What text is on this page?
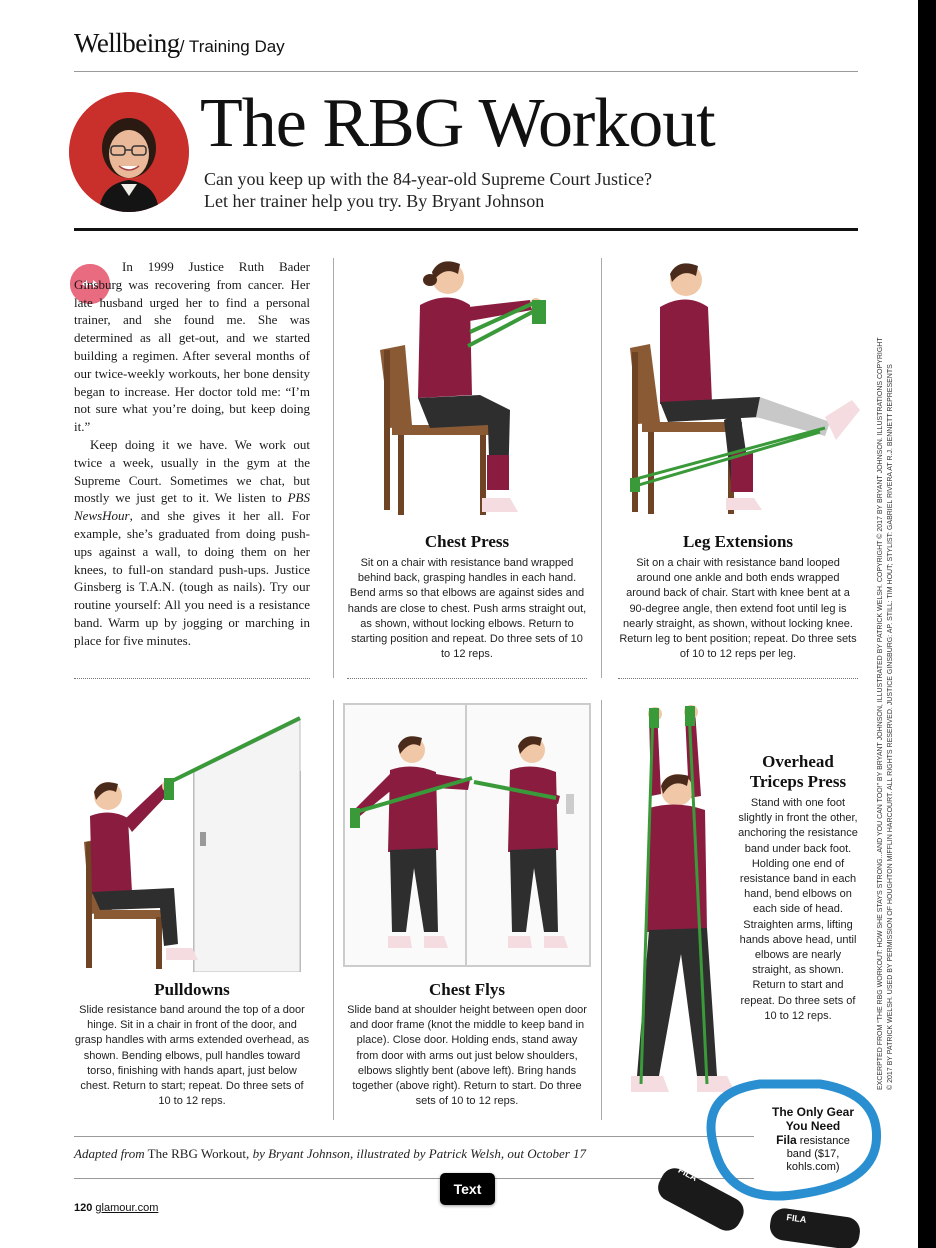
Wellbeing/ Training Day
The RBG Workout
Can you keep up with the 84-year-old Supreme Court Justice?
Let her trainer help you try. By Bryant Johnson

In 1999 Justice Ruth Bader Ginsburg was recovering from cancer. Her late husband urged her to find a personal trainer, and she found me. She was determined as all get-out, and we started building a regimen. After several months of our twice-weekly workouts, her bone density began to increase. Her doctor told me: “I’m not sure what you’re doing, but keep doing it.”

Keep doing it we have. We work out twice a week, usually in the gym at the Supreme Court. Sometimes we chat, but mostly we just get to it. We listen to PBS NewsHour, and she gives it her all. For example, she’s graduated from doing push-ups against a wall, to doing them on her knees, to full-on standard push-ups. Justice Ginsberg is T.A.N. (tough as nails). Try our routine yourself: All you need is a resistance band. Warm up by jogging or marching in place for five minutes.

Chest Press
Sit on a chair with resistance band wrapped behind back, grasping handles in each hand. Bend arms so that elbows are against sides and hands are close to chest. Push arms straight out, as shown, without locking elbows. Return to starting position and repeat. Do three sets of 10 to 12 reps.
Leg Extensions
Sit on a chair with resistance band looped around one ankle and both ends wrapped around back of chair. Start with knee bent at a 90-degree angle, then extend foot until leg is nearly straight, as shown, without locking knee. Return leg to bent position; repeat. Do three sets of 10 to 12 reps per leg.
Pulldowns
Slide resistance band around the top of a door hinge. Sit in a chair in front of the door, and grasp handles with arms extended overhead, as shown. Bending elbows, pull handles toward torso, finishing with hands apart, just below chest. Return to start; repeat. Do three sets of 10 to 12 reps.
Chest Flys
Slide band at shoulder height between open door and door frame (knot the middle to keep band in place). Close door. Holding ends, stand away from door with arms out just below shoulders, elbows slightly bent (above left). Bring hands together (above right). Return to start. Do three sets of 10 to 12 reps.
Overhead
Triceps Press
Stand with one foot slightly in front the other, anchoring the resistance band under back foot. Holding one end of resistance band in each hand, bend elbows on each side of head. Straighten arms, lifting hands above head, until elbows are nearly straight, as shown. Return to start and repeat. Do three sets of 10 to 12 reps.	EXCERPTED FROM “THE RBG WORKOUT: HOW SHE STAYS STRONG...AND YOU CAN TOO!” BY BRYANT JOHNSON, ILLUSTRATED BY PATRICK WELSH. COPYRIGHT © 2017 BY BRYANT JOHNSON. ILLUSTRATIONS COPYRIGHT © 2017 BY PATRICK WELSH. USED BY PERMISSION OF HOUGHTON MIFFLIN HARCOURT. ALL RIGHTS RESERVED. JUSTICE GINSBURG: AP. STILL: TIM HOUT; STYLIST: GABRIEL RIVERA AT R.J. BENNETT REPRESENTS
Adapted from The RBG Workout, by Bryant Johnson, illustrated by Patrick Welsh, out October 17
Text
120 glamour.com
FILA
FILA
The Only Gear You Need
Fila resistance band ($17, kohls.com)
